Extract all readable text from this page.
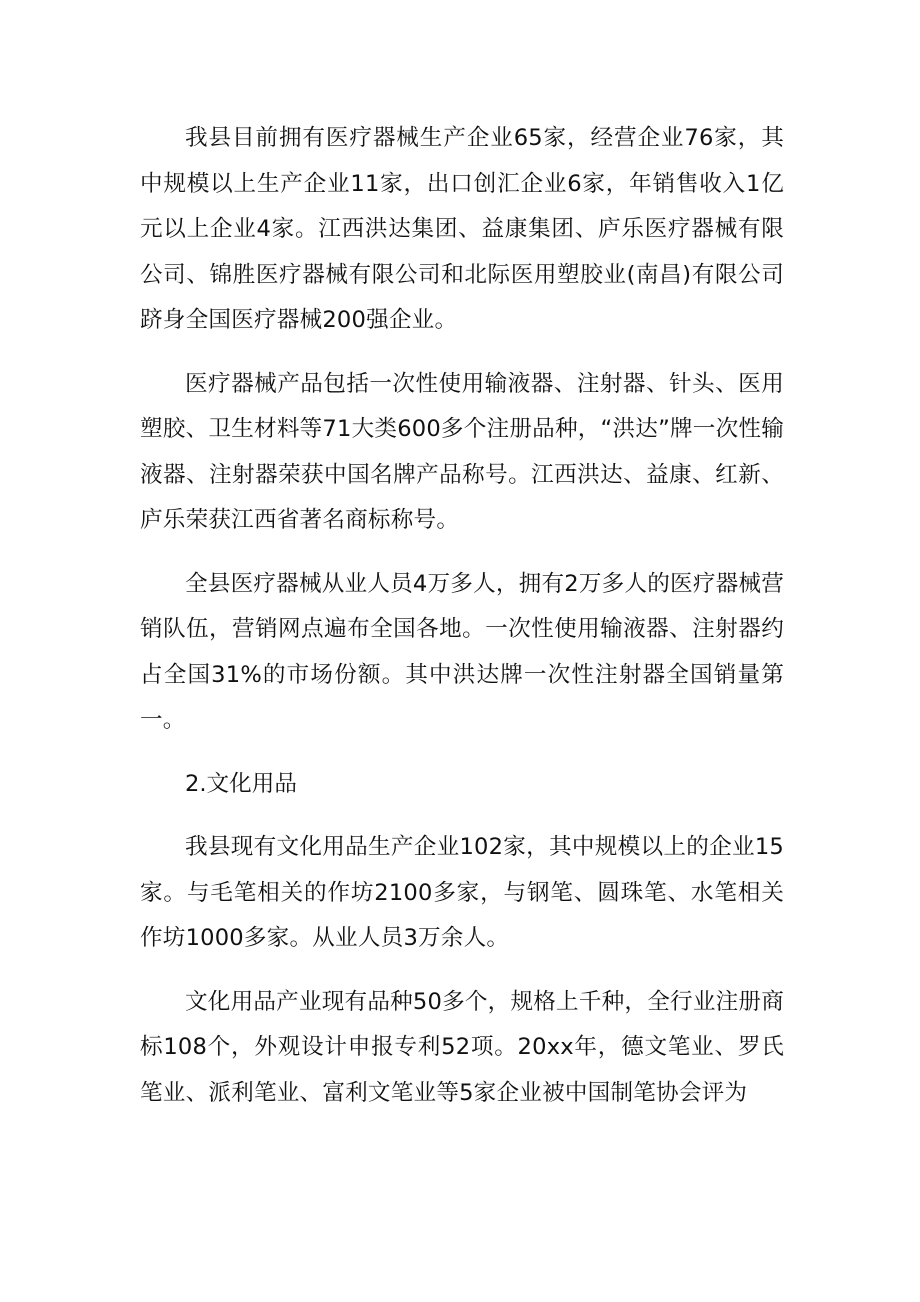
我县目前拥有医疗器械生产企业65家，经营企业76家，其中规模以上生产企业11家，出口创汇企业6家，年销售收入1亿元以上企业4家。江西洪达集团、益康集团、庐乐医疗器械有限公司、锦胜医疗器械有限公司和北际医用塑胶业(南昌)有限公司跻身全国医疗器械200强企业。

医疗器械产品包括一次性使用输液器、注射器、针头、医用塑胶、卫生材料等71大类600多个注册品种，“洪达”牌一次性输液器、注射器荣获中国名牌产品称号。江西洪达、益康、红新、庐乐荣获江西省著名商标称号。

全县医疗器械从业人员4万多人，拥有2万多人的医疗器械营销队伍，营销网点遍布全国各地。一次性使用输液器、注射器约占全国31%的市场份额。其中洪达牌一次性注射器全国销量第一。

2.文化用品

我县现有文化用品生产企业102家，其中规模以上的企业15家。与毛笔相关的作坊2100多家，与钢笔、圆珠笔、水笔相关作坊1000多家。从业人员3万余人。

文化用品产业现有品种50多个，规格上千种，全行业注册商标108个，外观设计申报专利52项。20xx年，德文笔业、罗氏笔业、派利笔业、富利文笔业等5家企业被中国制笔协会评为
